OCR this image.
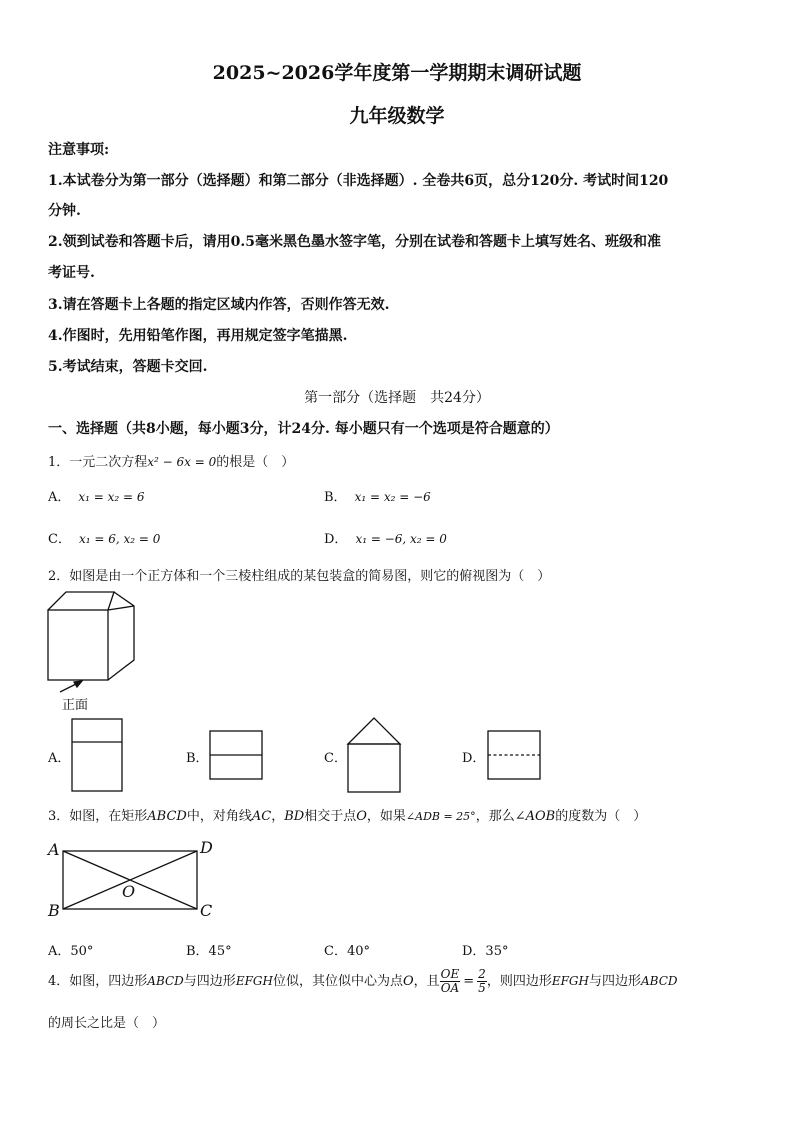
2025~2026学年度第一学期期末调研试题
九年级数学
注意事项:
1.本试卷分为第一部分（选择题）和第二部分（非选择题）. 全卷共6页，总分120分. 考试时间120
分钟.
2.领到试卷和答题卡后，请用0.5毫米黑色墨水签字笔，分别在试卷和答题卡上填写姓名、班级和准
考证号.
3.请在答题卡上各题的指定区域内作答，否则作答无效.
4.作图时，先用铅笔作图，再用规定签字笔描黑.
5.考试结束，答题卡交回.
第一部分（选择题　共24分）
一、选择题（共8小题，每小题3分，计24分. 每小题只有一个选项是符合题意的）
1．一元二次方程x² − 6x = 0的根是（　）
A． x₁ = x₂ = 6	B． x₁ = x₂ = −6
C． x₁ = 6, x₂ = 0	D． x₁ = −6, x₂ = 0
2．如图是由一个正方体和一个三棱柱组成的某包装盒的简易图，则它的俯视图为（　）
正面
A．	B．	C．	D．
3．如图，在矩形ABCD中，对角线AC，BD相交于点O，如果∠ADB = 25°，那么∠AOB的度数为（　）
A	D
B	C
O
A．50°	B．45°	C．40°	D．35°
4．如图，四边形ABCD与四边形EFGH位似，其位似中心为点O，且 $\frac{OE}{OA} = \frac{2}{5}$ ，则四边形EFGH与四边形ABCD
的周长之比是（　）
